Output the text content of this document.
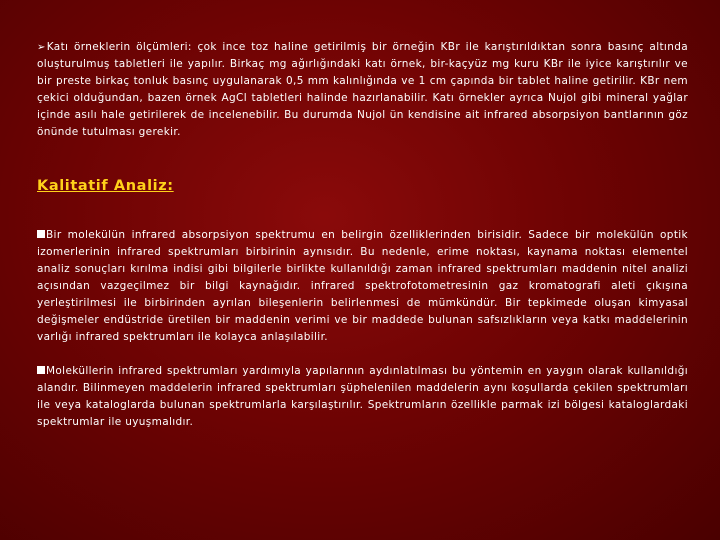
➢Katı örneklerin ölçümleri: çok ince toz haline getirilmiş bir örneğin KBr ile karıştırıldıktan sonra basınç altında oluşturulmuş tabletleri ile yapılır. Birkaç mg ağırlığındaki katı örnek, bir-kaçyüz mg kuru KBr ile iyice karıştırılır ve bir preste birkaç tonluk basınç uygulanarak 0,5 mm kalınlığında ve 1 cm çapında bir tablet haline getirilir. KBr nem çekici olduğundan, bazen örnek AgCl tabletleri halinde hazırlanabilir. Katı örnekler ayrıca Nujol gibi mineral yağlar içinde asılı hale getirilerek de incelenebilir. Bu durumda Nujol ün kendisine ait infrared absorpsiyon bantlarının göz önünde tutulması gerekir.

Kalitatif Analiz:

Bir molekülün infrared absorpsiyon spektrumu en belirgin özelliklerinden birisidir. Sadece bir molekülün optik izomerlerinin infrared spektrumları birbirinin aynısıdır. Bu nedenle, erime noktası, kaynama noktası elementel analiz sonuçları kırılma indisi gibi bilgilerle birlikte kullanıldığı zaman infrared spektrumları maddenin nitel analizi açısından vazgeçilmez bir bilgi kaynağıdır. infrared spektrofotometresinin gaz kromatografi aleti çıkışına yerleştirilmesi ile birbirinden ayrılan bileşenlerin belirlenmesi de mümkündür. Bir tepkimede oluşan kimyasal değişmeler endüstride üretilen bir maddenin verimi ve bir maddede bulunan safsızlıkların veya katkı maddelerinin varlığı infrared spektrumları ile kolayca anlaşılabilir.

Moleküllerin infrared spektrumları yardımıyla yapılarının aydınlatılması bu yöntemin en yaygın olarak kullanıldığı alandır. Bilinmeyen maddelerin infrared spektrumları şüphelenilen maddelerin aynı koşullarda çekilen spektrumları ile veya kataloglarda bulunan spektrumlarla karşılaştırılır. Spektrumların özellikle parmak izi bölgesi kataloglardaki spektrumlar ile uyuşmalıdır.
